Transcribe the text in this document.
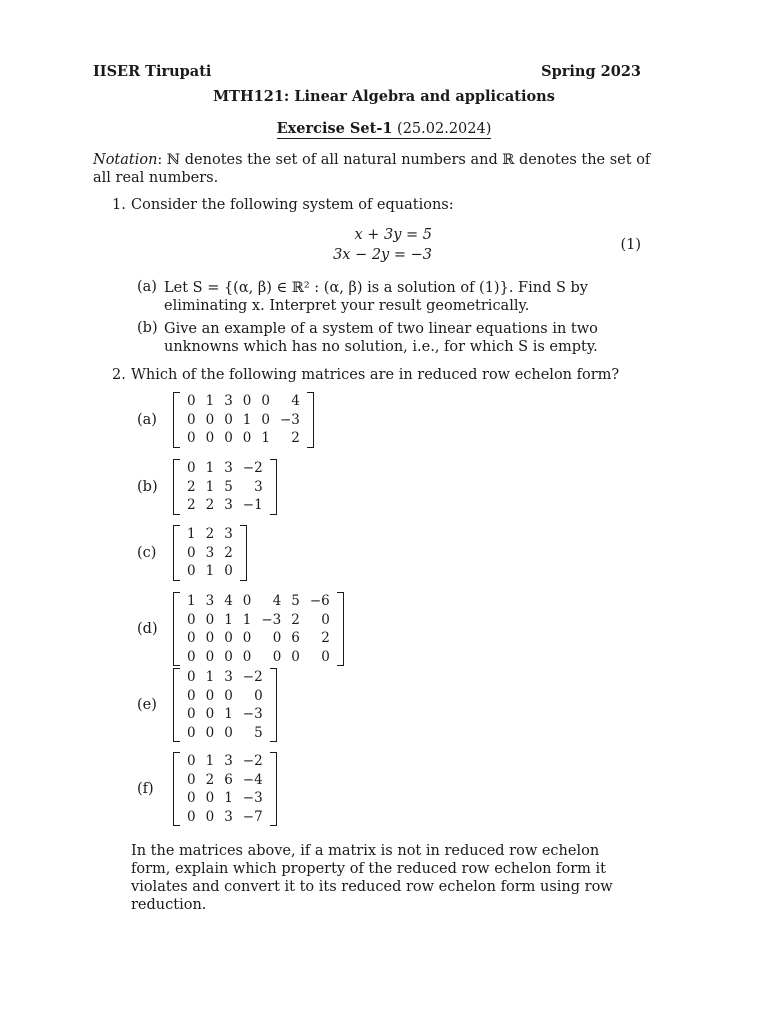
IISER Tirupati	Spring 2023
MTH121: Linear Algebra and applications
Exercise Set-1 (25.02.2024)
Notation: ℕ denotes the set of all natural numbers and ℝ denotes the set of all real numbers.
1. Consider the following system of equations:
x + 3y = 5
3x − 2y = −3
(1)
(a) Let S = {(α, β) ∈ ℝ² : (α, β) is a solution of (1)}. Find S by eliminating x. Interpret your result geometrically.
(b) Give an example of a system of two linear equations in two unknowns which has no solution, i.e., for which S is empty.
2. Which of the following matrices are in reduced row echelon form?
(a)
0	1	3	0	0	4
0	0	0	1	0	−3
0	0	0	0	1	2
(b)
0	1	3	−2
2	1	5	3
2	2	3	−1
(c)
1	2	3
0	3	2
0	1	0
(d)
1	3	4	0	4	5	−6
0	0	1	1	−3	2	0
0	0	0	0	0	6	2
0	0	0	0	0	0	0
(e)
0	1	3	−2
0	0	0	0
0	0	1	−3
0	0	0	5
(f)
0	1	3	−2
0	2	6	−4
0	0	1	−3
0	0	3	−7
In the matrices above, if a matrix is not in reduced row echelon form, explain which property of the reduced row echelon form it violates and convert it to its reduced row echelon form using row reduction.
